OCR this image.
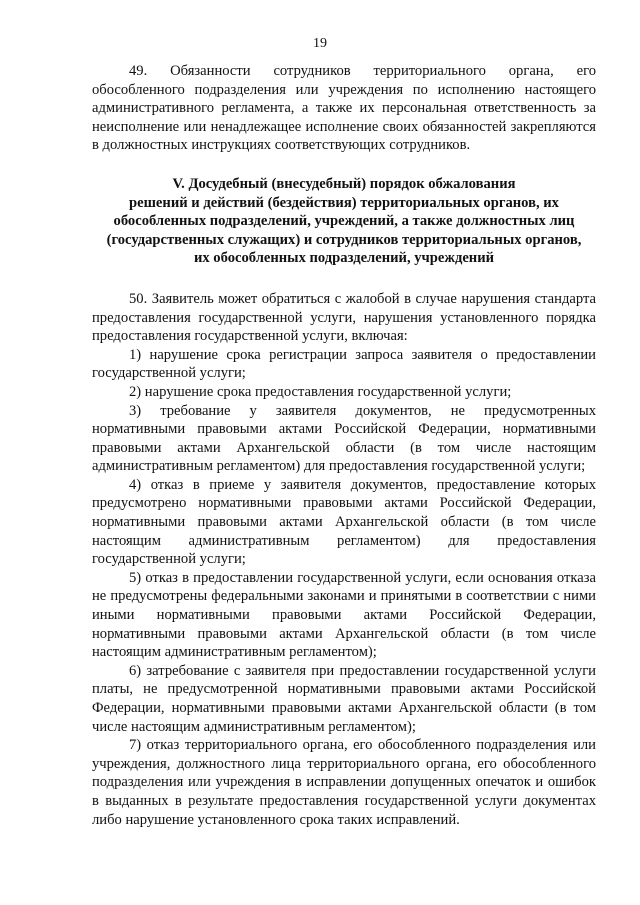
19

49. Обязанности сотрудников территориального органа, его обособленного подразделения или учреждения по исполнению настоящего административного регламента, а также их персональная ответственность за неисполнение или ненадлежащее исполнение своих обязанностей закрепляются в должностных инструкциях соответствующих сотрудников.

V. Досудебный (внесудебный) порядок обжалования
решений и действий (бездействия) территориальных органов, их
обособленных подразделений, учреждений, а также должностных лиц
(государственных служащих) и сотрудников территориальных органов,
их обособленных подразделений, учреждений

50. Заявитель может обратиться с жалобой в случае нарушения стандарта предоставления государственной услуги, нарушения установленного порядка предоставления государственной услуги, включая:

1) нарушение срока регистрации запроса заявителя о предоставлении государственной услуги;
2) нарушение срока предоставления государственной услуги;
3) требование у заявителя документов, не предусмотренных нормативными правовыми актами Российской Федерации, нормативными правовыми актами Архангельской области (в том числе настоящим административным регламентом) для предоставления государственной услуги;
4) отказ в приеме у заявителя документов, предоставление которых предусмотрено нормативными правовыми актами Российской Федерации, нормативными правовыми актами Архангельской области (в том числе настоящим административным регламентом) для предоставления государственной услуги;
5) отказ в предоставлении государственной услуги, если основания отказа не предусмотрены федеральными законами и принятыми в соответствии с ними иными нормативными правовыми актами Российской Федерации, нормативными правовыми актами Архангельской области (в том числе настоящим административным регламентом);
6) затребование с заявителя при предоставлении государственной услуги платы, не предусмотренной нормативными правовыми актами Российской Федерации, нормативными правовыми актами Архангельской области (в том числе настоящим административным регламентом);
7) отказ территориального органа, его обособленного подразделения или учреждения, должностного лица территориального органа, его обособленного подразделения или учреждения в исправлении допущенных опечаток и ошибок в выданных в результате предоставления государственной услуги документах либо нарушение установленного срока таких исправлений.
